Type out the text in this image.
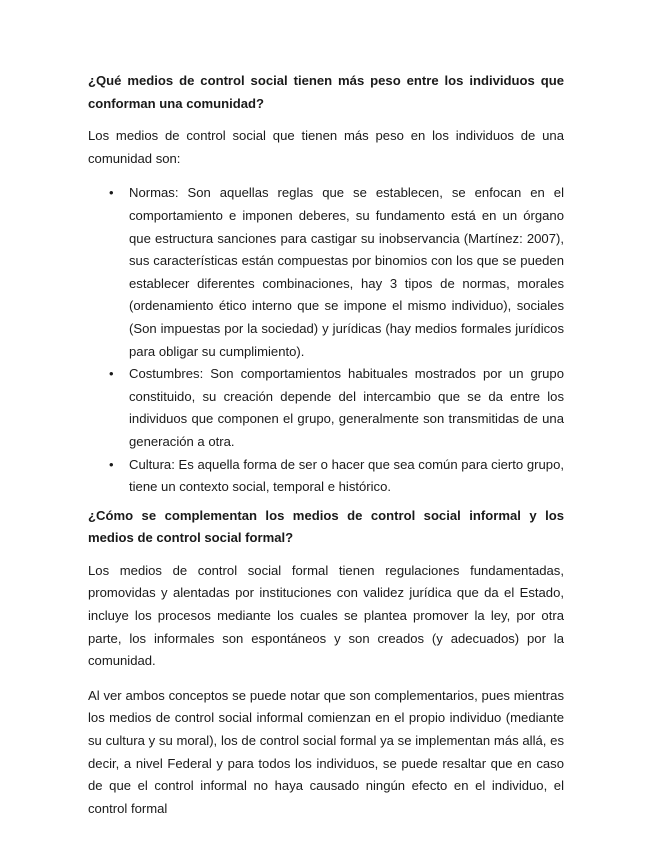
¿Qué medios de control social tienen más peso entre los individuos que conforman una comunidad?

Los medios de control social que tienen más peso en los individuos de una comunidad son:

• Normas: Son aquellas reglas que se establecen, se enfocan en el comportamiento e imponen deberes, su fundamento está en un órgano que estructura sanciones para castigar su inobservancia (Martínez: 2007), sus características están compuestas por binomios con los que se pueden establecer diferentes combinaciones, hay 3 tipos de normas, morales (ordenamiento ético interno que se impone el mismo individuo), sociales (Son impuestas por la sociedad) y jurídicas (hay medios formales jurídicos para obligar su cumplimiento).
• Costumbres: Son comportamientos habituales mostrados por un grupo constituido, su creación depende del intercambio que se da entre los individuos que componen el grupo, generalmente son transmitidas de una generación a otra.
• Cultura: Es aquella forma de ser o hacer que sea común para cierto grupo, tiene un contexto social, temporal e histórico.

¿Cómo se complementan los medios de control social informal y los medios de control social formal?

Los medios de control social formal tienen regulaciones fundamentadas, promovidas y alentadas por instituciones con validez jurídica que da el Estado, incluye los procesos mediante los cuales se plantea promover la ley, por otra parte, los informales son espontáneos y son creados (y adecuados) por la comunidad.

Al ver ambos conceptos se puede notar que son complementarios, pues mientras los medios de control social informal comienzan en el propio individuo (mediante su cultura y su moral), los de control social formal ya se implementan más allá, es decir, a nivel Federal y para todos los individuos, se puede resaltar que en caso de que el control informal no haya causado ningún efecto en el individuo, el control formal
